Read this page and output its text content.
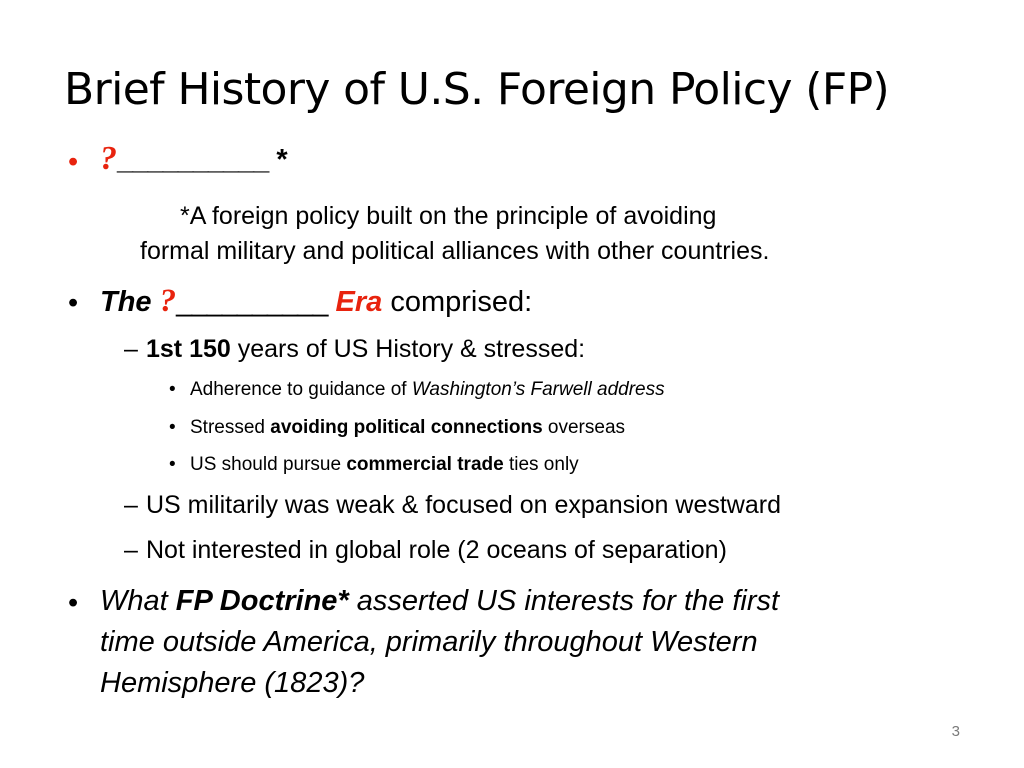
Brief History of U.S. Foreign Policy (FP)
• ?__________ *
*A foreign policy built on the principle of avoiding
formal military and political alliances with other countries.
• The ?__________ Era comprised:
– 1st 150 years of US History & stressed:
• Adherence to guidance of Washington’s Farwell address
• Stressed avoiding political connections overseas
• US should pursue commercial trade ties only
– US militarily was weak & focused on expansion westward
– Not interested in global role (2 oceans of separation)
• What FP Doctrine* asserted US interests for the first
time outside America, primarily throughout Western
Hemisphere (1823)?
3
